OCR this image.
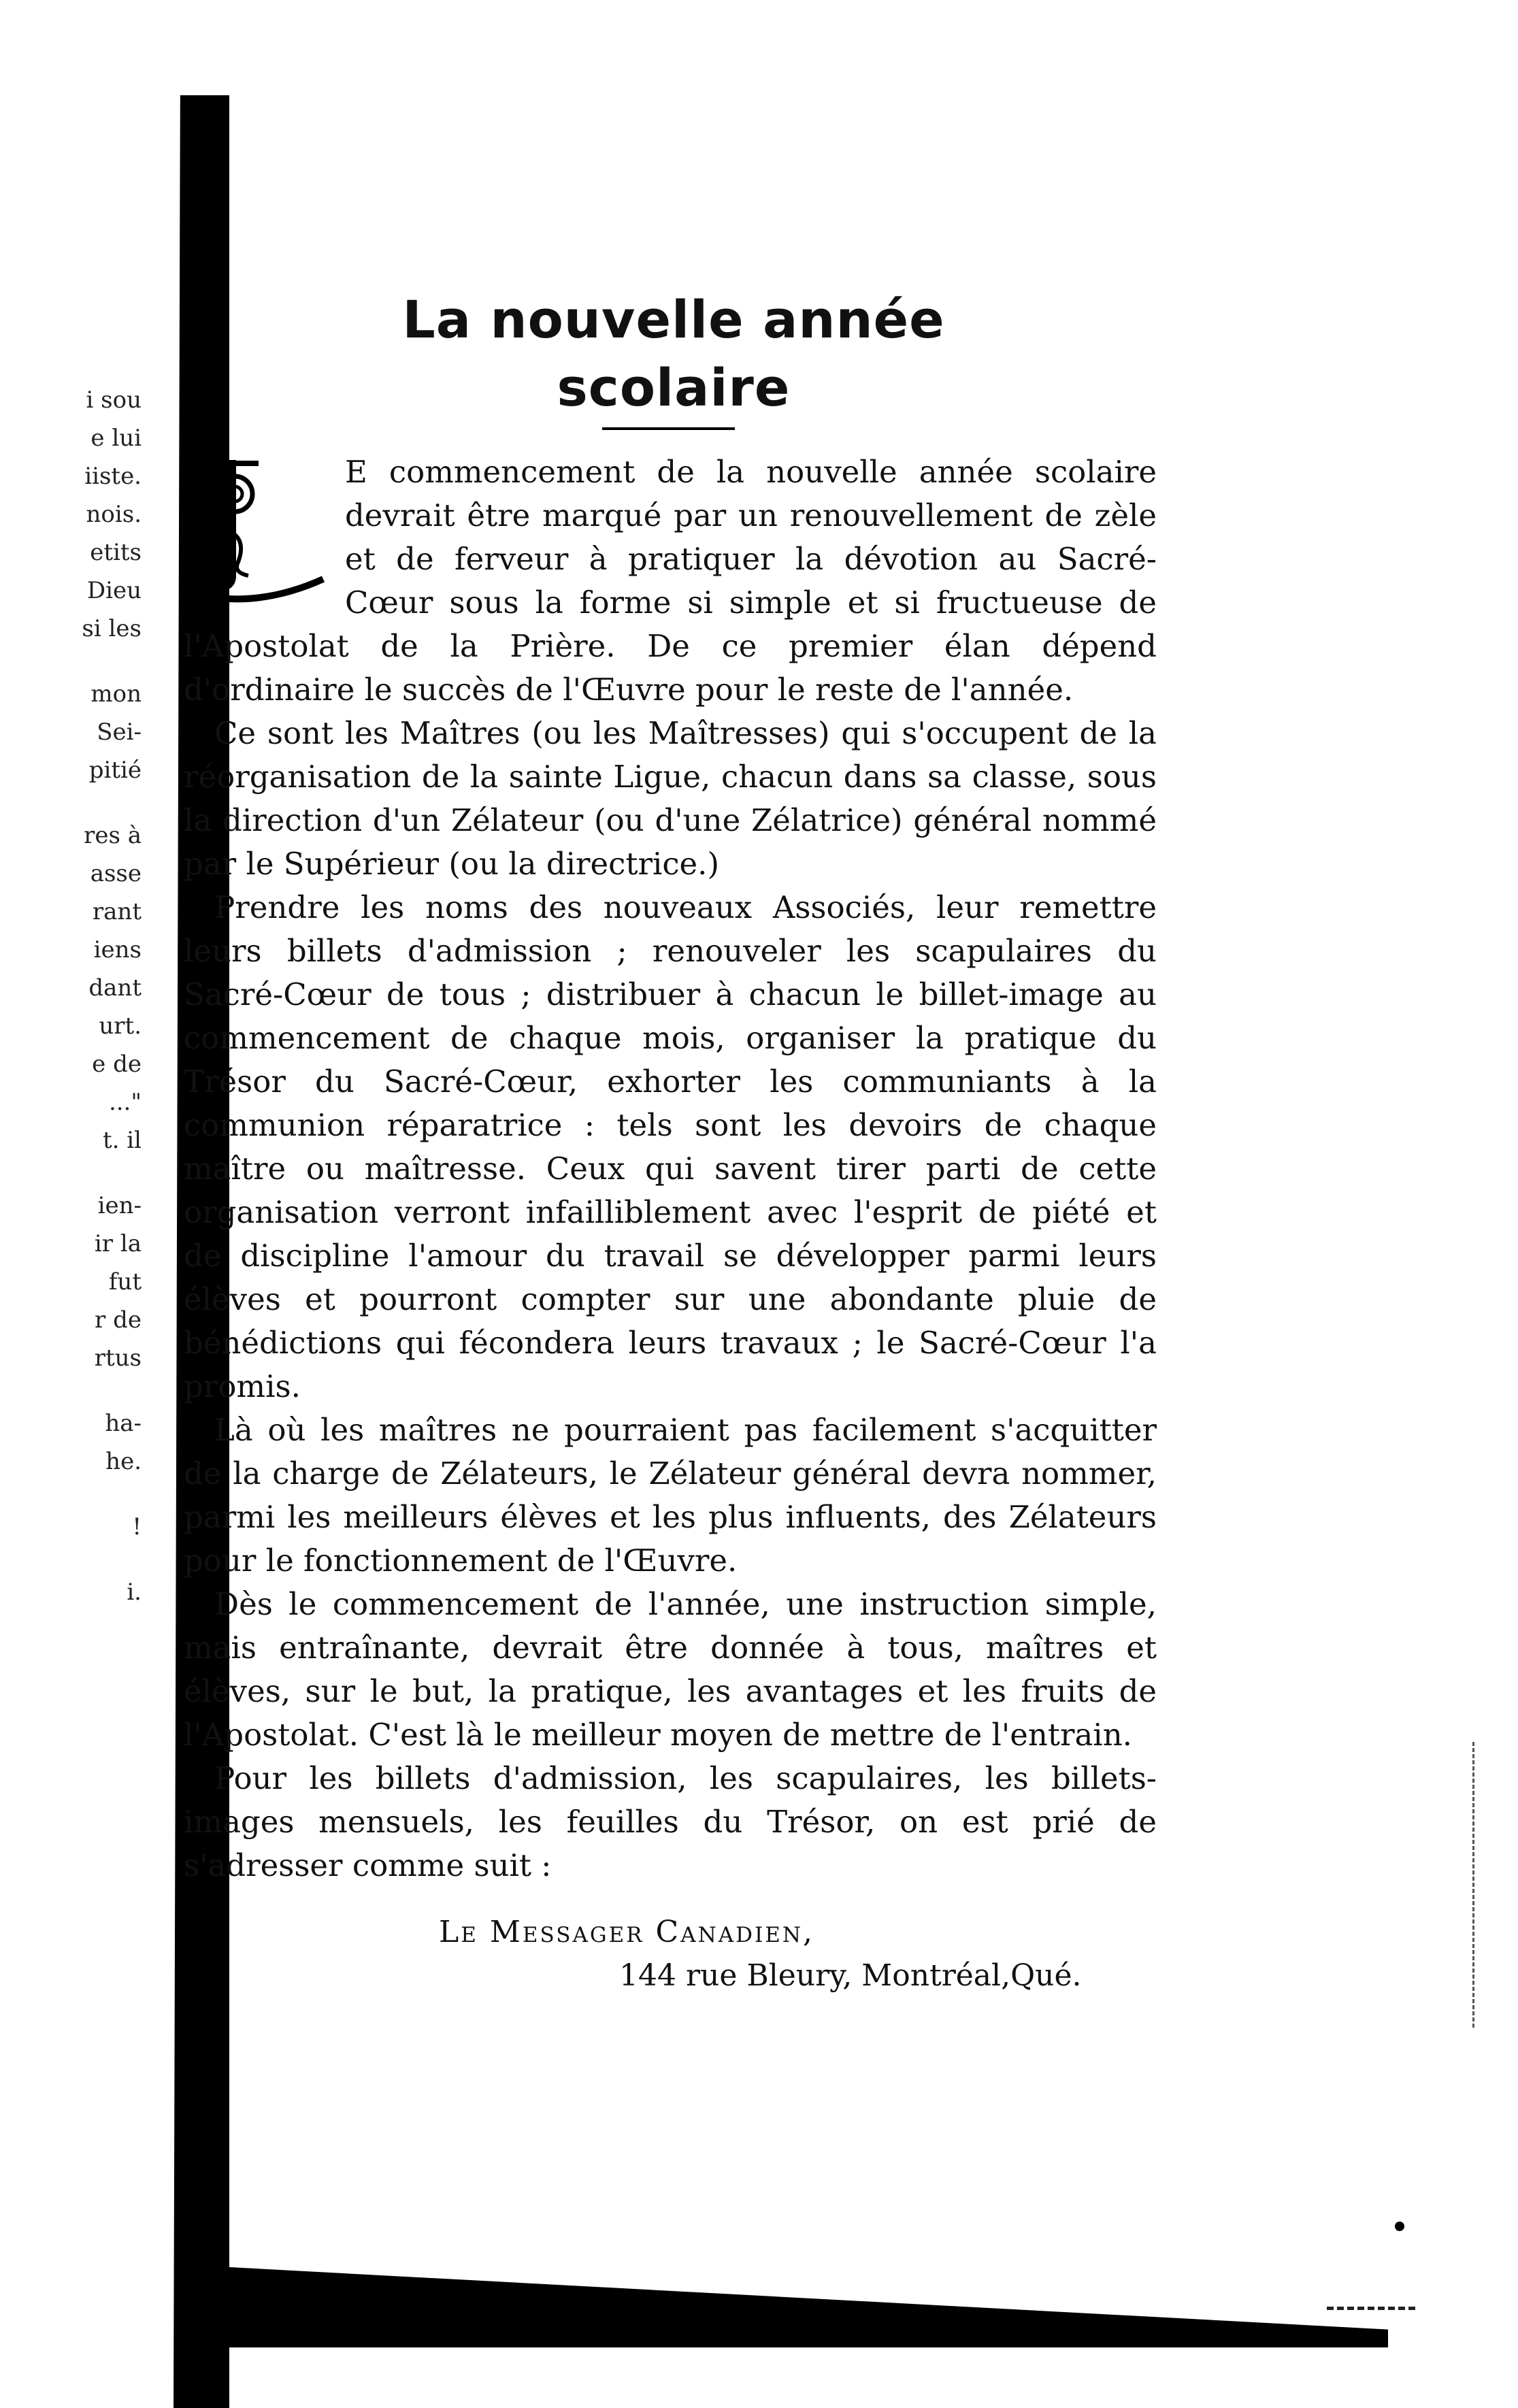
i sou
e lui
iiste.
nois.
etits
Dieu
si les
mon
Sei-
pitié
res à
asse
rant
iens
dant
urt.
e de
..."
t. il
ien-
ir la
fut
r de
rtus
ha-
he.
!
i.
La nouvelle année scolaire

E commencement de la nouvelle année scolaire devrait être marqué par un renouvellement de zèle et de ferveur à pratiquer la dévotion au Sacré-Cœur sous la forme si simple et si fructueuse de l'Apostolat de la Prière. De ce premier élan dépend d'ordinaire le succès de l'Œuvre pour le reste de l'année.

Ce sont les Maîtres (ou les Maîtresses) qui s'occupent de la réorganisation de la sainte Ligue, chacun dans sa classe, sous la direction d'un Zélateur (ou d'une Zélatrice) général nommé par le Supérieur (ou la directrice.)

Prendre les noms des nouveaux Associés, leur remettre leurs billets d'admission ; renouveler les scapulaires du Sacré-Cœur de tous ; distribuer à chacun le billet-image au commencement de chaque mois, organiser la pratique du Trésor du Sacré-Cœur, exhorter les communiants à la communion réparatrice : tels sont les devoirs de chaque maître ou maîtresse. Ceux qui savent tirer parti de cette organisation verront infailliblement avec l'esprit de piété et de discipline l'amour du travail se développer parmi leurs élèves et pourront compter sur une abondante pluie de bénédictions qui fécondera leurs travaux ; le Sacré-Cœur l'a promis.

Là où les maîtres ne pourraient pas facilement s'acquitter de la charge de Zélateurs, le Zélateur général devra nommer, parmi les meilleurs élèves et les plus influents, des Zélateurs pour le fonctionnement de l'Œuvre.

Dès le commencement de l'année, une instruction simple, mais entraînante, devrait être donnée à tous, maîtres et élèves, sur le but, la pratique, les avantages et les fruits de l'Apostolat. C'est là le meilleur moyen de mettre de l'entrain.

Pour les billets d'admission, les scapulaires, les billets-images mensuels, les feuilles du Trésor, on est prié de s'adresser comme suit :

Le Messager Canadien,
144 rue Bleury, Montréal,Qué.
